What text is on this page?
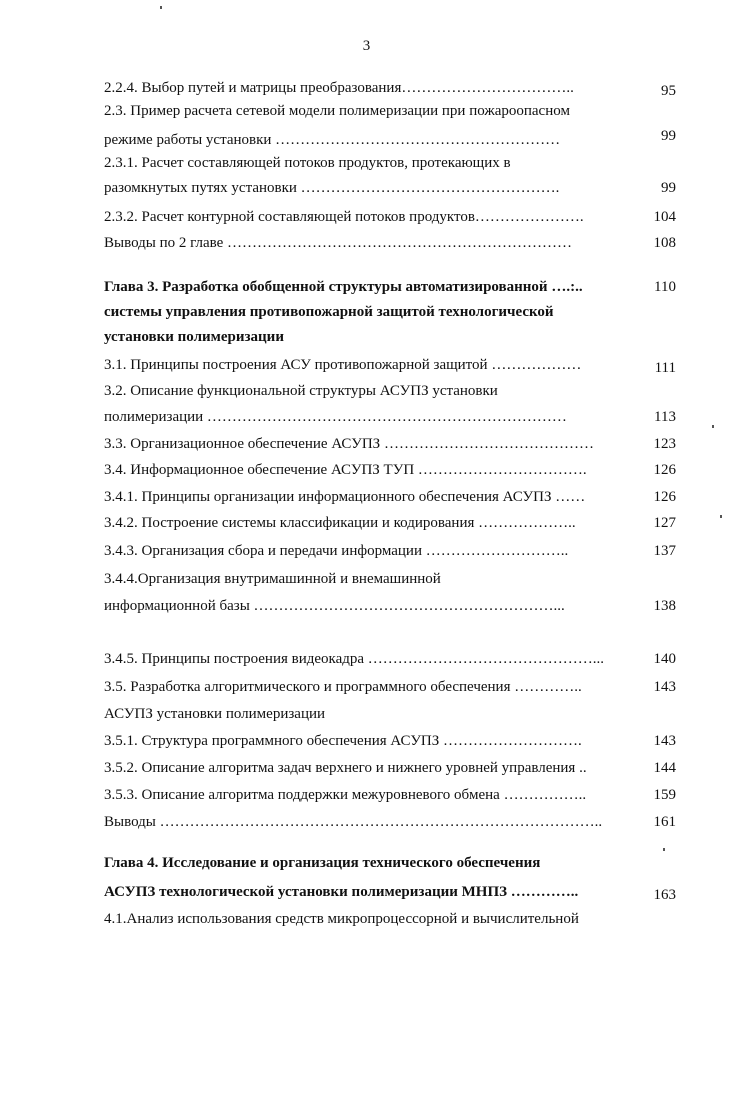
3
2.2.4. Выбор путей и матрицы преобразования……………………………..	95
2.3. Пример расчета сетевой модели полимеризации при пожароопасном
режиме работы установки …………………………………………………	99
2.3.1. Расчет составляющей потоков продуктов, протекающих в
разомкнутых путях установки …………………………………………….	99
2.3.2. Расчет контурной составляющей потоков продуктов………………….	104
Выводы по 2 главе ……………………………………………………………	108
Глава 3. Разработка обобщенной структуры автоматизированной ….:..	110
системы управления противопожарной защитой технологической
установки полимеризации
3.1. Принципы построения АСУ противопожарной защитой ………………	111
3.2. Описание функциональной структуры АСУПЗ установки
полимеризации ………………………………………………………………	113
3.3. Организационное обеспечение АСУПЗ ……………………………………	123
3.4. Информационное обеспечение АСУПЗ ТУП …………………………….	126
3.4.1. Принципы организации информационного обеспечения АСУПЗ ……	126
3.4.2. Построение системы классификации и кодирования ………………..	127
3.4.3. Организация сбора и передачи информации ………………………..	137
3.4.4.Организация внутримашинной и внемашинной
информационной базы ……………………………………………………...	138
3.4.5. Принципы построения видеокадра ………………………………………...	140
3.5. Разработка алгоритмического и программного обеспечения …………..	143
АСУПЗ установки полимеризации
3.5.1. Структура программного обеспечения АСУПЗ ……………………….	143
3.5.2. Описание алгоритма задач верхнего и нижнего уровней управления ..	144
3.5.3. Описание алгоритма поддержки межуровневого обмена ……………..	159
Выводы ……………………………………………………………………………..	161
Глава 4. Исследование и организация технического обеспечения
АСУПЗ технологической установки полимеризации МНПЗ …………..	163
4.1.Анализ использования средств микропроцессорной и вычислительной
